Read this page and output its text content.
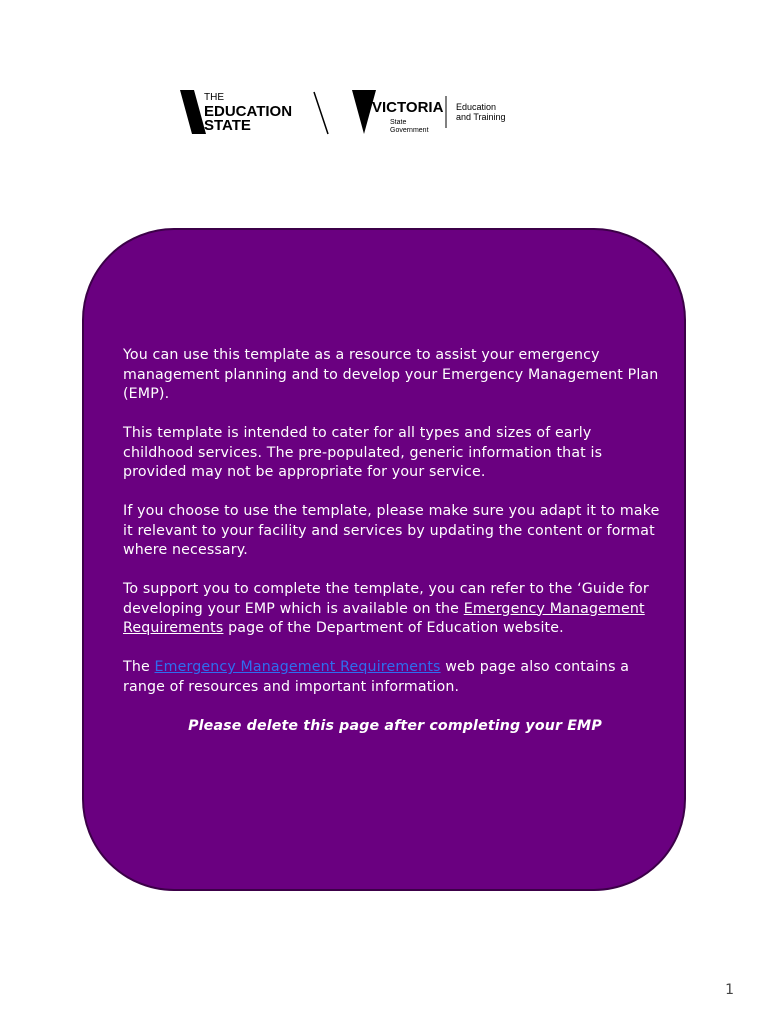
THE
EDUCATION
STATE
VICTORIA
State
Government
Education
and Training

You can use this template as a resource to assist your emergency management planning and to develop your Emergency Management Plan (EMP).

This template is intended to cater for all types and sizes of early childhood services. The pre-populated, generic information that is provided may not be appropriate for your service.

If you choose to use the template, please make sure you adapt it to make it relevant to your facility and services by updating the content or format where necessary.

To support you to complete the template, you can refer to the ‘Guide for developing your EMP which is available on the Emergency Management Requirements page of the Department of Education website.

The Emergency Management Requirements web page also contains a range of resources and important information.

Please delete this page after completing your EMP

1
